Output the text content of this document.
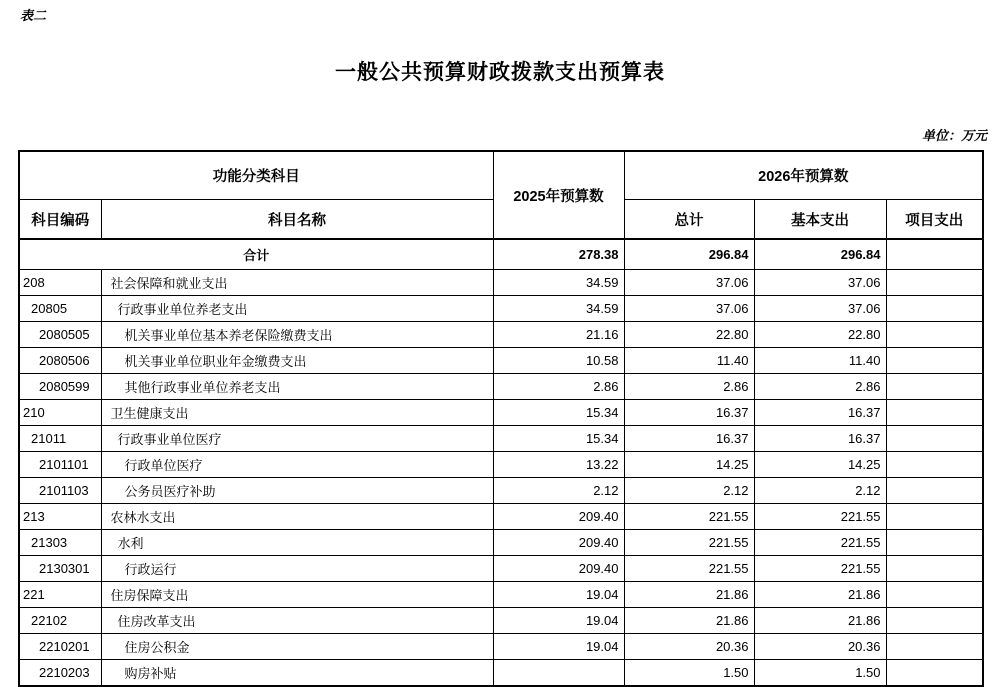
表二
一般公共预算财政拨款支出预算表
单位：万元
功能分类科目		2025年预算数	2026年预算数		
科目编码	科目名称		总计	基本支出	项目支出
合计		278.38	296.84	296.84	
208	社会保障和就业支出	34.59	37.06	37.06	
20805	行政事业单位养老支出	34.59	37.06	37.06	
2080505	机关事业单位基本养老保险缴费支出	21.16	22.80	22.80	
2080506	机关事业单位职业年金缴费支出	10.58	11.40	11.40	
2080599	其他行政事业单位养老支出	2.86	2.86	2.86	
210	卫生健康支出	15.34	16.37	16.37	
21011	行政事业单位医疗	15.34	16.37	16.37	
2101101	行政单位医疗	13.22	14.25	14.25	
2101103	公务员医疗补助	2.12	2.12	2.12	
213	农林水支出	209.40	221.55	221.55	
21303	水利	209.40	221.55	221.55	
2130301	行政运行	209.40	221.55	221.55	
221	住房保障支出	19.04	21.86	21.86	
22102	住房改革支出	19.04	21.86	21.86	
2210201	住房公积金	19.04	20.36	20.36	
2210203	购房补贴		1.50	1.50	
